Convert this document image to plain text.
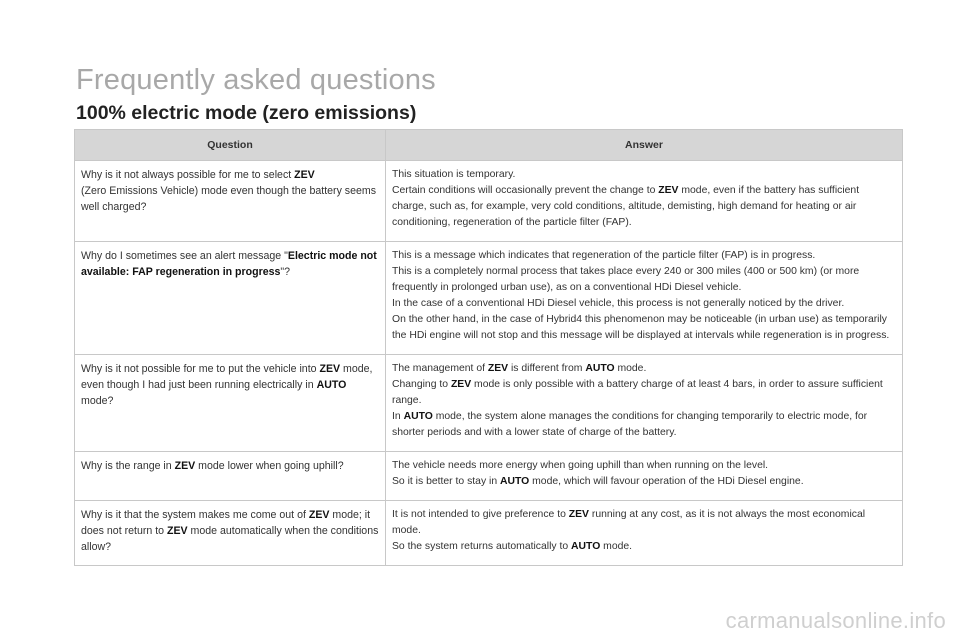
Frequently asked questions
100% electric mode (zero emissions)
Question	Answer
Why is it not always possible for me to select ZEV
(Zero Emissions Vehicle) mode even though the battery seems well charged?	This situation is temporary.
Certain conditions will occasionally prevent the change to ZEV mode, even if the battery has sufficient charge, such as, for example, very cold conditions, altitude, demisting, high demand for heating or air conditioning, regeneration of the particle filter (FAP).
Why do I sometimes see an alert message "Electric mode not available: FAP regeneration in progress"?	This is a message which indicates that regeneration of the particle filter (FAP) is in progress.
This is a completely normal process that takes place every 240 or 300 miles (400 or 500 km) (or more frequently in prolonged urban use), as on a conventional HDi Diesel vehicle.
In the case of a conventional HDi Diesel vehicle, this process is not generally noticed by the driver.
On the other hand, in the case of Hybrid4 this phenomenon may be noticeable (in urban use) as temporarily the HDi engine will not stop and this message will be displayed at intervals while regeneration is in progress.
Why is it not possible for me to put the vehicle into ZEV mode, even though I had just been running electrically in AUTO mode?	The management of ZEV is different from AUTO mode.
Changing to ZEV mode is only possible with a battery charge of at least 4 bars, in order to assure sufficient range.
In AUTO mode, the system alone manages the conditions for changing temporarily to electric mode, for shorter periods and with a lower state of charge of the battery.
Why is the range in ZEV mode lower when going uphill?	The vehicle needs more energy when going uphill than when running on the level.
So it is better to stay in AUTO mode, which will favour operation of the HDi Diesel engine.
Why is it that the system makes me come out of ZEV mode; it does not return to ZEV mode automatically when the conditions allow?	It is not intended to give preference to ZEV running at any cost, as it is not always the most economical mode.
So the system returns automatically to AUTO mode.
carmanualsonline.info
